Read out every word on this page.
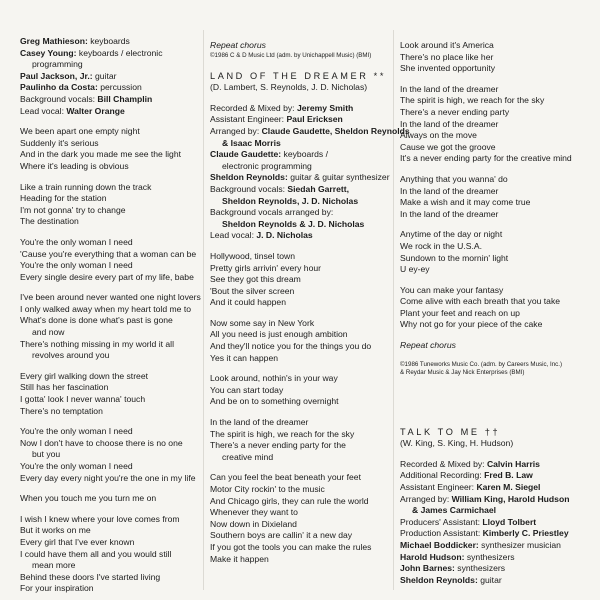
Greg Mathieson: keyboards
Casey Young: keyboards / electronic
programming
Paul Jackson, Jr.: guitar
Paulinho da Costa: percussion
Background vocals: Bill Champlin
Lead vocal: Walter Orange
We been apart one empty night
Suddenly it's serious
And in the dark you made me see the light
Where it's leading is obvious
Like a train running down the track
Heading for the station
I'm not gonna' try to change
The destination
You're the only woman I need
'Cause you're everything that a woman can be
You're the only woman I need
Every single desire every part of my life, babe
I've been around never wanted one night lovers
I only walked away when my heart told me to
What's done is done what's past is gone
and now
There's nothing missing in my world it all
revolves around you
Every girl walking down the street
Still has her fascination
I gotta' look I never wanna' touch
There's no temptation
You're the only woman I need
Now I don't have to choose there is no one
but you
You're the only woman I need
Every day every night you're the one in my life
When you touch me you turn me on
I wish I knew where your love comes from
But it works on me
Every girl that I've ever known
I could have them all and you would still
mean more
Behind these doors I've started living
For your inspiration
Repeat chorus
©1986 C & D Music Ltd (adm. by Unichappell Music) (BMI)
LAND OF THE DREAMER **
(D. Lambert, S. Reynolds, J. D. Nicholas)
Recorded & Mixed by: Jeremy Smith
Assistant Engineer: Paul Ericksen
Arranged by: Claude Gaudette, Sheldon Reynolds
& Isaac Morris
Claude Gaudette: keyboards /
electronic programming
Sheldon Reynolds: guitar & guitar synthesizer
Background vocals: Siedah Garrett,
Sheldon Reynolds, J. D. Nicholas
Background vocals arranged by:
Sheldon Reynolds & J. D. Nicholas
Lead vocal: J. D. Nicholas
Hollywood, tinsel town
Pretty girls arrivin' every hour
See they got this dream
'Bout the silver screen
And it could happen
Now some say in New York
All you need is just enough ambition
And they'll notice you for the things you do
Yes it can happen
Look around, nothin's in your way
You can start today
And be on to something overnight
In the land of the dreamer
The spirit is high, we reach for the sky
There's a never ending party for the
creative mind
Can you feel the beat beneath your feet
Motor City rockin' to the music
And Chicago girls, they can rule the world
Whenever they want to
Now down in Dixieland
Southern boys are callin' it a new day
If you got the tools you can make the rules
Make it happen
Look around it's America
There's no place like her
She invented opportunity
In the land of the dreamer
The spirit is high, we reach for the sky
There's a never ending party
In the land of the dreamer
Always on the move
Cause we got the groove
It's a never ending party for the creative mind
Anything that you wanna' do
In the land of the dreamer
Make a wish and it may come true
In the land of the dreamer
Anytime of the day or night
We rock in the U.S.A.
Sundown to the mornin' light
U ey-ey
You can make your fantasy
Come alive with each breath that you take
Plant your feet and reach on up
Why not go for your piece of the cake
Repeat chorus
©1986 Tuneworks Music Co. (adm. by Careers Music, Inc.)
& Reydar Music & Jay Nick Enterprises (BMI)
TALK TO ME ††
(W. King, S. King, H. Hudson)
Recorded & Mixed by: Calvin Harris
Additional Recording: Fred B. Law
Assistant Engineer: Karen M. Siegel
Arranged by: William King, Harold Hudson
& James Carmichael
Producers' Assistant: Lloyd Tolbert
Production Assistant: Kimberly C. Priestley
Michael Boddicker: synthesizer musician
Harold Hudson: synthesizers
John Barnes: synthesizers
Sheldon Reynolds: guitar
